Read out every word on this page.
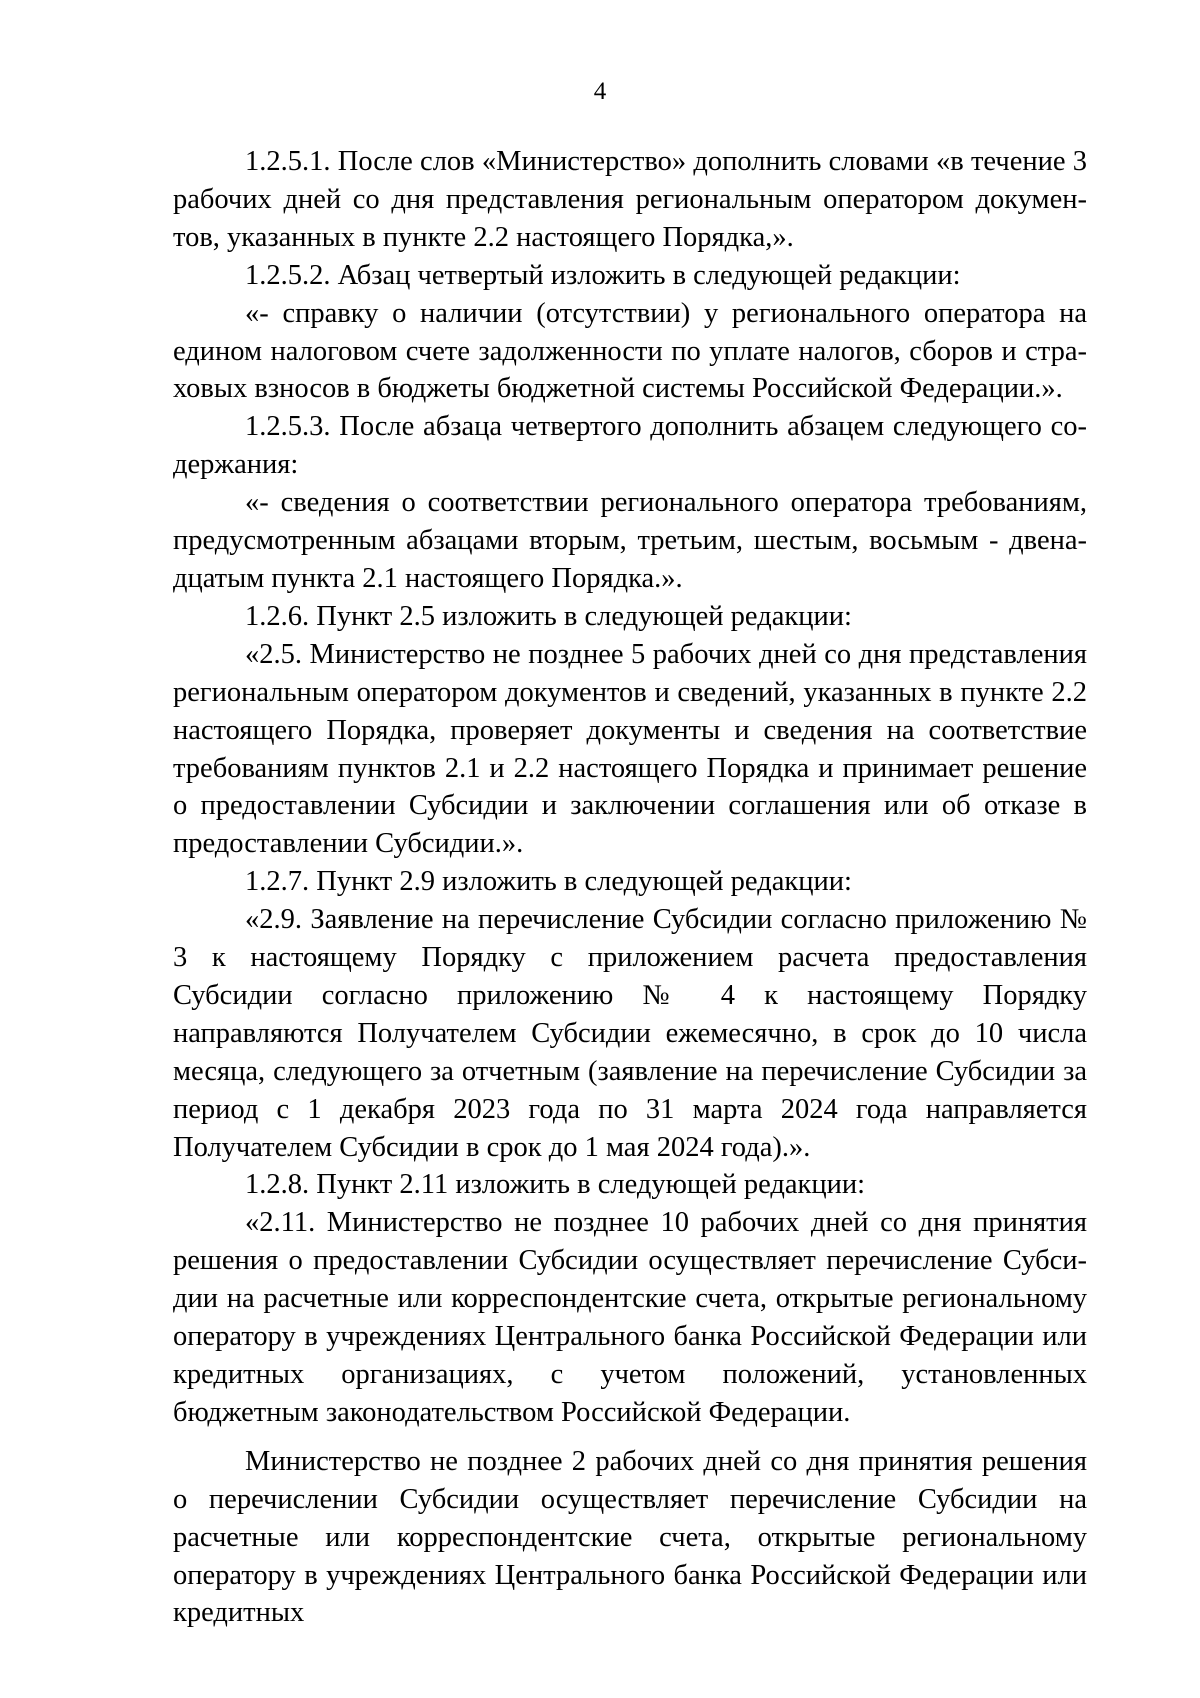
4

1.2.5.1. После слов «Министерство» дополнить словами «в течение 3 рабочих дней со дня представления региональным оператором документов, указанных в пункте 2.2 настоящего Порядка,».

1.2.5.2. Абзац четвертый изложить в следующей редакции:

«- справку о наличии (отсутствии) у регионального оператора на едином налоговом счете задолженности по уплате налогов, сборов и страховых взносов в бюджеты бюджетной системы Российской Федерации.».

1.2.5.3. После абзаца четвертого дополнить абзацем следующего содержания:

«- сведения о соответствии регионального оператора требованиям, предусмотренным абзацами вторым, третьим, шестым, восьмым - двенадцатым пункта 2.1 настоящего Порядка.».

1.2.6. Пункт 2.5 изложить в следующей редакции:

«2.5. Министерство не позднее 5 рабочих дней со дня представления региональным оператором документов и сведений, указанных в пункте 2.2 настоящего Порядка, проверяет документы и сведения на соответствие требованиям пунктов 2.1 и 2.2 настоящего Порядка и принимает решение о предоставлении Субсидии и заключении соглашения или об отказе в предоставлении Субсидии.».

1.2.7. Пункт 2.9 изложить в следующей редакции:

«2.9. Заявление на перечисление Субсидии согласно приложению № 3 к настоящему Порядку с приложением расчета предоставления Субсидии согласно приложению № 4 к настоящему Порядку направляются Получателем Субсидии ежемесячно, в срок до 10 числа месяца, следующего за отчетным (заявление на перечисление Субсидии за период с 1 декабря 2023 года по 31 марта 2024 года направляется Получателем Субсидии в срок до 1 мая 2024 года).».

1.2.8. Пункт 2.11 изложить в следующей редакции:

«2.11. Министерство не позднее 10 рабочих дней со дня принятия решения о предоставлении Субсидии осуществляет перечисление Субсидии на расчетные или корреспондентские счета, открытые региональному оператору в учреждениях Центрального банка Российской Федерации или кредитных организациях, с учетом положений, установленных бюджетным законодательством Российской Федерации.

Министерство не позднее 2 рабочих дней со дня принятия решения о перечислении Субсидии осуществляет перечисление Субсидии на расчетные или корреспондентские счета, открытые региональному оператору в учреждениях Центрального банка Российской Федерации или кредитных
